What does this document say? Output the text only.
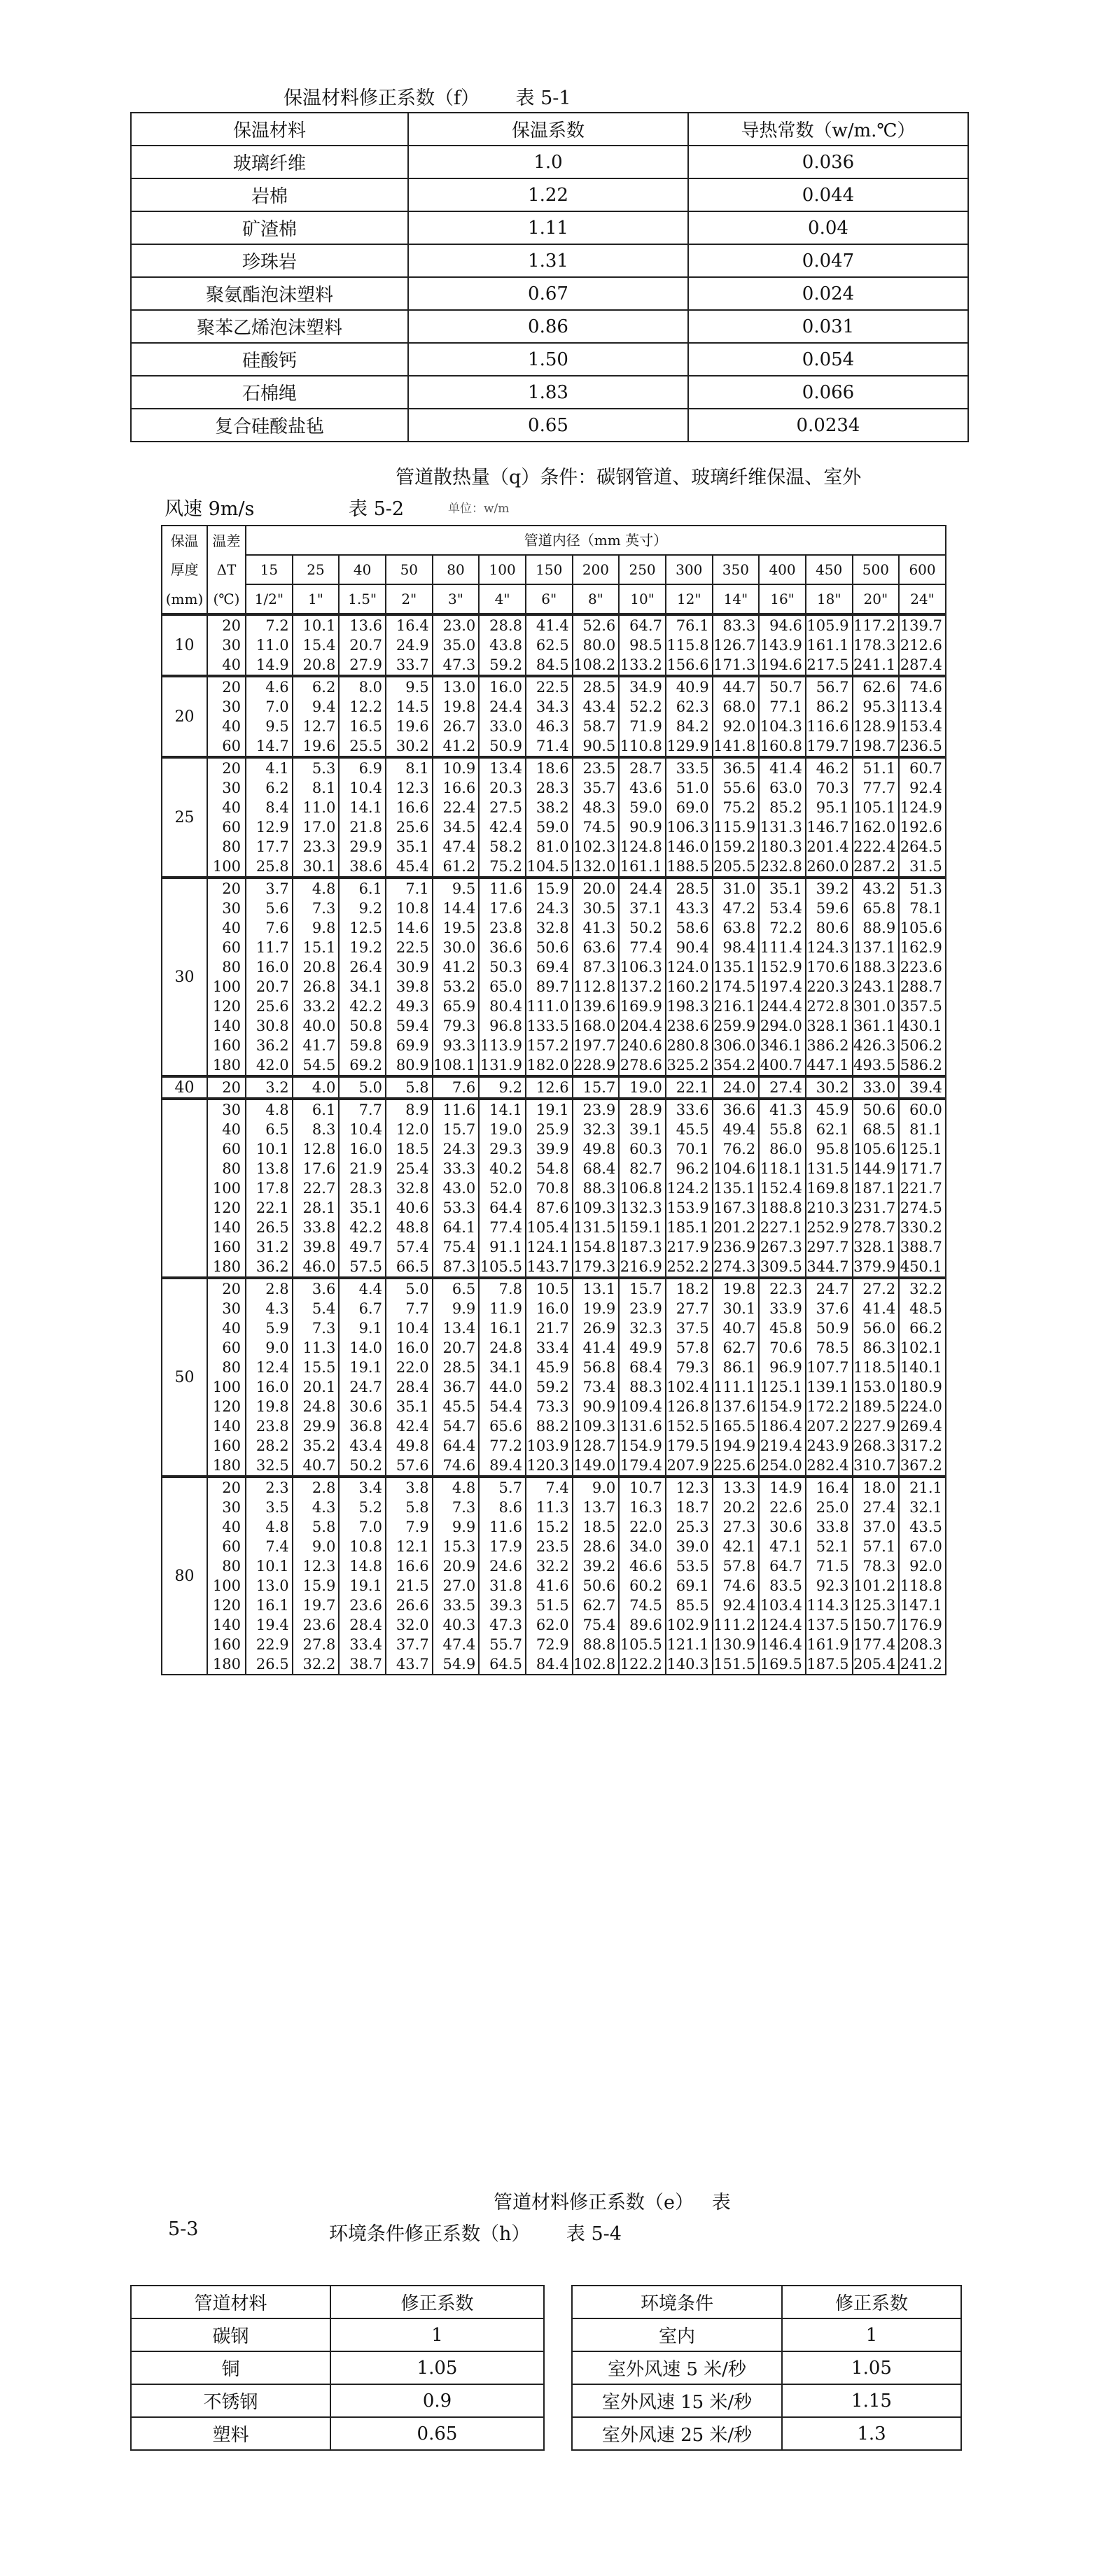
保温材料修正系数（f）      表 5-1
保温材料	保温系数	导热常数（w/m.℃）
玻璃纤维	1.0	0.036
岩棉	1.22	0.044
矿渣棉	1.11	0.04
珍珠岩	1.31	0.047
聚氨酯泡沫塑料	0.67	0.024
聚苯乙烯泡沫塑料	0.86	0.031
硅酸钙	1.50	0.054
石棉绳	1.83	0.066
复合硅酸盐毡	0.65	0.0234
管道散热量（q）条件：碳钢管道、玻璃纤维保温、室外
风速 9m/s	表 5-2	单位：w/m
保温	温差	管道内径（mm 英寸）														
厚度	ΔT	15	25	40	50	80	100	150	200	250	300	350	400	450	500	600
(mm)	(℃)	1/2"	1"	1.5"	2"	3"	4"	6"	8"	10"	12"	14"	16"	18"	20"	24"
10	20	7.2	10.1	13.6	16.4	23.0	28.8	41.4	52.6	64.7	76.1	83.3	94.6	105.9	117.2	139.7
	30	11.0	15.4	20.7	24.9	35.0	43.8	62.5	80.0	98.5	115.8	126.7	143.9	161.1	178.3	212.6
	40	14.9	20.8	27.9	33.7	47.3	59.2	84.5	108.2	133.2	156.6	171.3	194.6	217.5	241.1	287.4
20	20	4.6	6.2	8.0	9.5	13.0	16.0	22.5	28.5	34.9	40.9	44.7	50.7	56.7	62.6	74.6
	30	7.0	9.4	12.2	14.5	19.8	24.4	34.3	43.4	52.2	62.3	68.0	77.1	86.2	95.3	113.4
	40	9.5	12.7	16.5	19.6	26.7	33.0	46.3	58.7	71.9	84.2	92.0	104.3	116.6	128.9	153.4
	60	14.7	19.6	25.5	30.2	41.2	50.9	71.4	90.5	110.8	129.9	141.8	160.8	179.7	198.7	236.5
25	20	4.1	5.3	6.9	8.1	10.9	13.4	18.6	23.5	28.7	33.5	36.5	41.4	46.2	51.1	60.7
	30	6.2	8.1	10.4	12.3	16.6	20.3	28.3	35.7	43.6	51.0	55.6	63.0	70.3	77.7	92.4
	40	8.4	11.0	14.1	16.6	22.4	27.5	38.2	48.3	59.0	69.0	75.2	85.2	95.1	105.1	124.9
	60	12.9	17.0	21.8	25.6	34.5	42.4	59.0	74.5	90.9	106.3	115.9	131.3	146.7	162.0	192.6
	80	17.7	23.3	29.9	35.1	47.4	58.2	81.0	102.3	124.8	146.0	159.2	180.3	201.4	222.4	264.5
	100	25.8	30.1	38.6	45.4	61.2	75.2	104.5	132.0	161.1	188.5	205.5	232.8	260.0	287.2	31.5
30	20	3.7	4.8	6.1	7.1	9.5	11.6	15.9	20.0	24.4	28.5	31.0	35.1	39.2	43.2	51.3
	30	5.6	7.3	9.2	10.8	14.4	17.6	24.3	30.5	37.1	43.3	47.2	53.4	59.6	65.8	78.1
	40	7.6	9.8	12.5	14.6	19.5	23.8	32.8	41.3	50.2	58.6	63.8	72.2	80.6	88.9	105.6
	60	11.7	15.1	19.2	22.5	30.0	36.6	50.6	63.6	77.4	90.4	98.4	111.4	124.3	137.1	162.9
	80	16.0	20.8	26.4	30.9	41.2	50.3	69.4	87.3	106.3	124.0	135.1	152.9	170.6	188.3	223.6
	100	20.7	26.8	34.1	39.8	53.2	65.0	89.7	112.8	137.2	160.2	174.5	197.4	220.3	243.1	288.7
	120	25.6	33.2	42.2	49.3	65.9	80.4	111.0	139.6	169.9	198.3	216.1	244.4	272.8	301.0	357.5
	140	30.8	40.0	50.8	59.4	79.3	96.8	133.5	168.0	204.4	238.6	259.9	294.0	328.1	361.1	430.1
	160	36.2	41.7	59.8	69.9	93.3	113.9	157.2	197.7	240.6	280.8	306.0	346.1	386.2	426.3	506.2
	180	42.0	54.5	69.2	80.9	108.1	131.9	182.0	228.9	278.6	325.2	354.2	400.7	447.1	493.5	586.2
40	20	3.2	4.0	5.0	5.8	7.6	9.2	12.6	15.7	19.0	22.1	24.0	27.4	30.2	33.0	39.4
	30	4.8	6.1	7.7	8.9	11.6	14.1	19.1	23.9	28.9	33.6	36.6	41.3	45.9	50.6	60.0
	40	6.5	8.3	10.4	12.0	15.7	19.0	25.9	32.3	39.1	45.5	49.4	55.8	62.1	68.5	81.1
	60	10.1	12.8	16.0	18.5	24.3	29.3	39.9	49.8	60.3	70.1	76.2	86.0	95.8	105.6	125.1
	80	13.8	17.6	21.9	25.4	33.3	40.2	54.8	68.4	82.7	96.2	104.6	118.1	131.5	144.9	171.7
	100	17.8	22.7	28.3	32.8	43.0	52.0	70.8	88.3	106.8	124.2	135.1	152.4	169.8	187.1	221.7
	120	22.1	28.1	35.1	40.6	53.3	64.4	87.6	109.3	132.3	153.9	167.3	188.8	210.3	231.7	274.5
	140	26.5	33.8	42.2	48.8	64.1	77.4	105.4	131.5	159.1	185.1	201.2	227.1	252.9	278.7	330.2
	160	31.2	39.8	49.7	57.4	75.4	91.1	124.1	154.8	187.3	217.9	236.9	267.3	297.7	328.1	388.7
	180	36.2	46.0	57.5	66.5	87.3	105.5	143.7	179.3	216.9	252.2	274.3	309.5	344.7	379.9	450.1
50	20	2.8	3.6	4.4	5.0	6.5	7.8	10.5	13.1	15.7	18.2	19.8	22.3	24.7	27.2	32.2
	30	4.3	5.4	6.7	7.7	9.9	11.9	16.0	19.9	23.9	27.7	30.1	33.9	37.6	41.4	48.5
	40	5.9	7.3	9.1	10.4	13.4	16.1	21.7	26.9	32.3	37.5	40.7	45.8	50.9	56.0	66.2
	60	9.0	11.3	14.0	16.0	20.7	24.8	33.4	41.4	49.9	57.8	62.7	70.6	78.5	86.3	102.1
	80	12.4	15.5	19.1	22.0	28.5	34.1	45.9	56.8	68.4	79.3	86.1	96.9	107.7	118.5	140.1
	100	16.0	20.1	24.7	28.4	36.7	44.0	59.2	73.4	88.3	102.4	111.1	125.1	139.1	153.0	180.9
	120	19.8	24.8	30.6	35.1	45.5	54.4	73.3	90.9	109.4	126.8	137.6	154.9	172.2	189.5	224.0
	140	23.8	29.9	36.8	42.4	54.7	65.6	88.2	109.3	131.6	152.5	165.5	186.4	207.2	227.9	269.4
	160	28.2	35.2	43.4	49.8	64.4	77.2	103.9	128.7	154.9	179.5	194.9	219.4	243.9	268.3	317.2
	180	32.5	40.7	50.2	57.6	74.6	89.4	120.3	149.0	179.4	207.9	225.6	254.0	282.4	310.7	367.2
80	20	2.3	2.8	3.4	3.8	4.8	5.7	7.4	9.0	10.7	12.3	13.3	14.9	16.4	18.0	21.1
	30	3.5	4.3	5.2	5.8	7.3	8.6	11.3	13.7	16.3	18.7	20.2	22.6	25.0	27.4	32.1
	40	4.8	5.8	7.0	7.9	9.9	11.6	15.2	18.5	22.0	25.3	27.3	30.6	33.8	37.0	43.5
	60	7.4	9.0	10.8	12.1	15.3	17.9	23.5	28.6	34.0	39.0	42.1	47.1	52.1	57.1	67.0
	80	10.1	12.3	14.8	16.6	20.9	24.6	32.2	39.2	46.6	53.5	57.8	64.7	71.5	78.3	92.0
	100	13.0	15.9	19.1	21.5	27.0	31.8	41.6	50.6	60.2	69.1	74.6	83.5	92.3	101.2	118.8
	120	16.1	19.7	23.6	26.6	33.5	39.3	51.5	62.7	74.5	85.5	92.4	103.4	114.3	125.3	147.1
	140	19.4	23.6	28.4	32.0	40.3	47.3	62.0	75.4	89.6	102.9	111.2	124.4	137.5	150.7	176.9
	160	22.9	27.8	33.4	37.7	47.4	55.7	72.9	88.8	105.5	121.1	130.9	146.4	161.9	177.4	208.3
	180	26.5	32.2	38.7	43.7	54.9	64.5	84.4	102.8	122.2	140.3	151.5	169.5	187.5	205.4	241.2
管道材料修正系数（e）   表
5-3	环境条件修正系数（h）      表 5-4
管道材料	修正系数
碳钢	1
铜	1.05
不锈钢	0.9
塑料	0.65
环境条件	修正系数
室内	1
室外风速 5 米/秒	1.05
室外风速 15 米/秒	1.15
室外风速 25 米/秒	1.3
